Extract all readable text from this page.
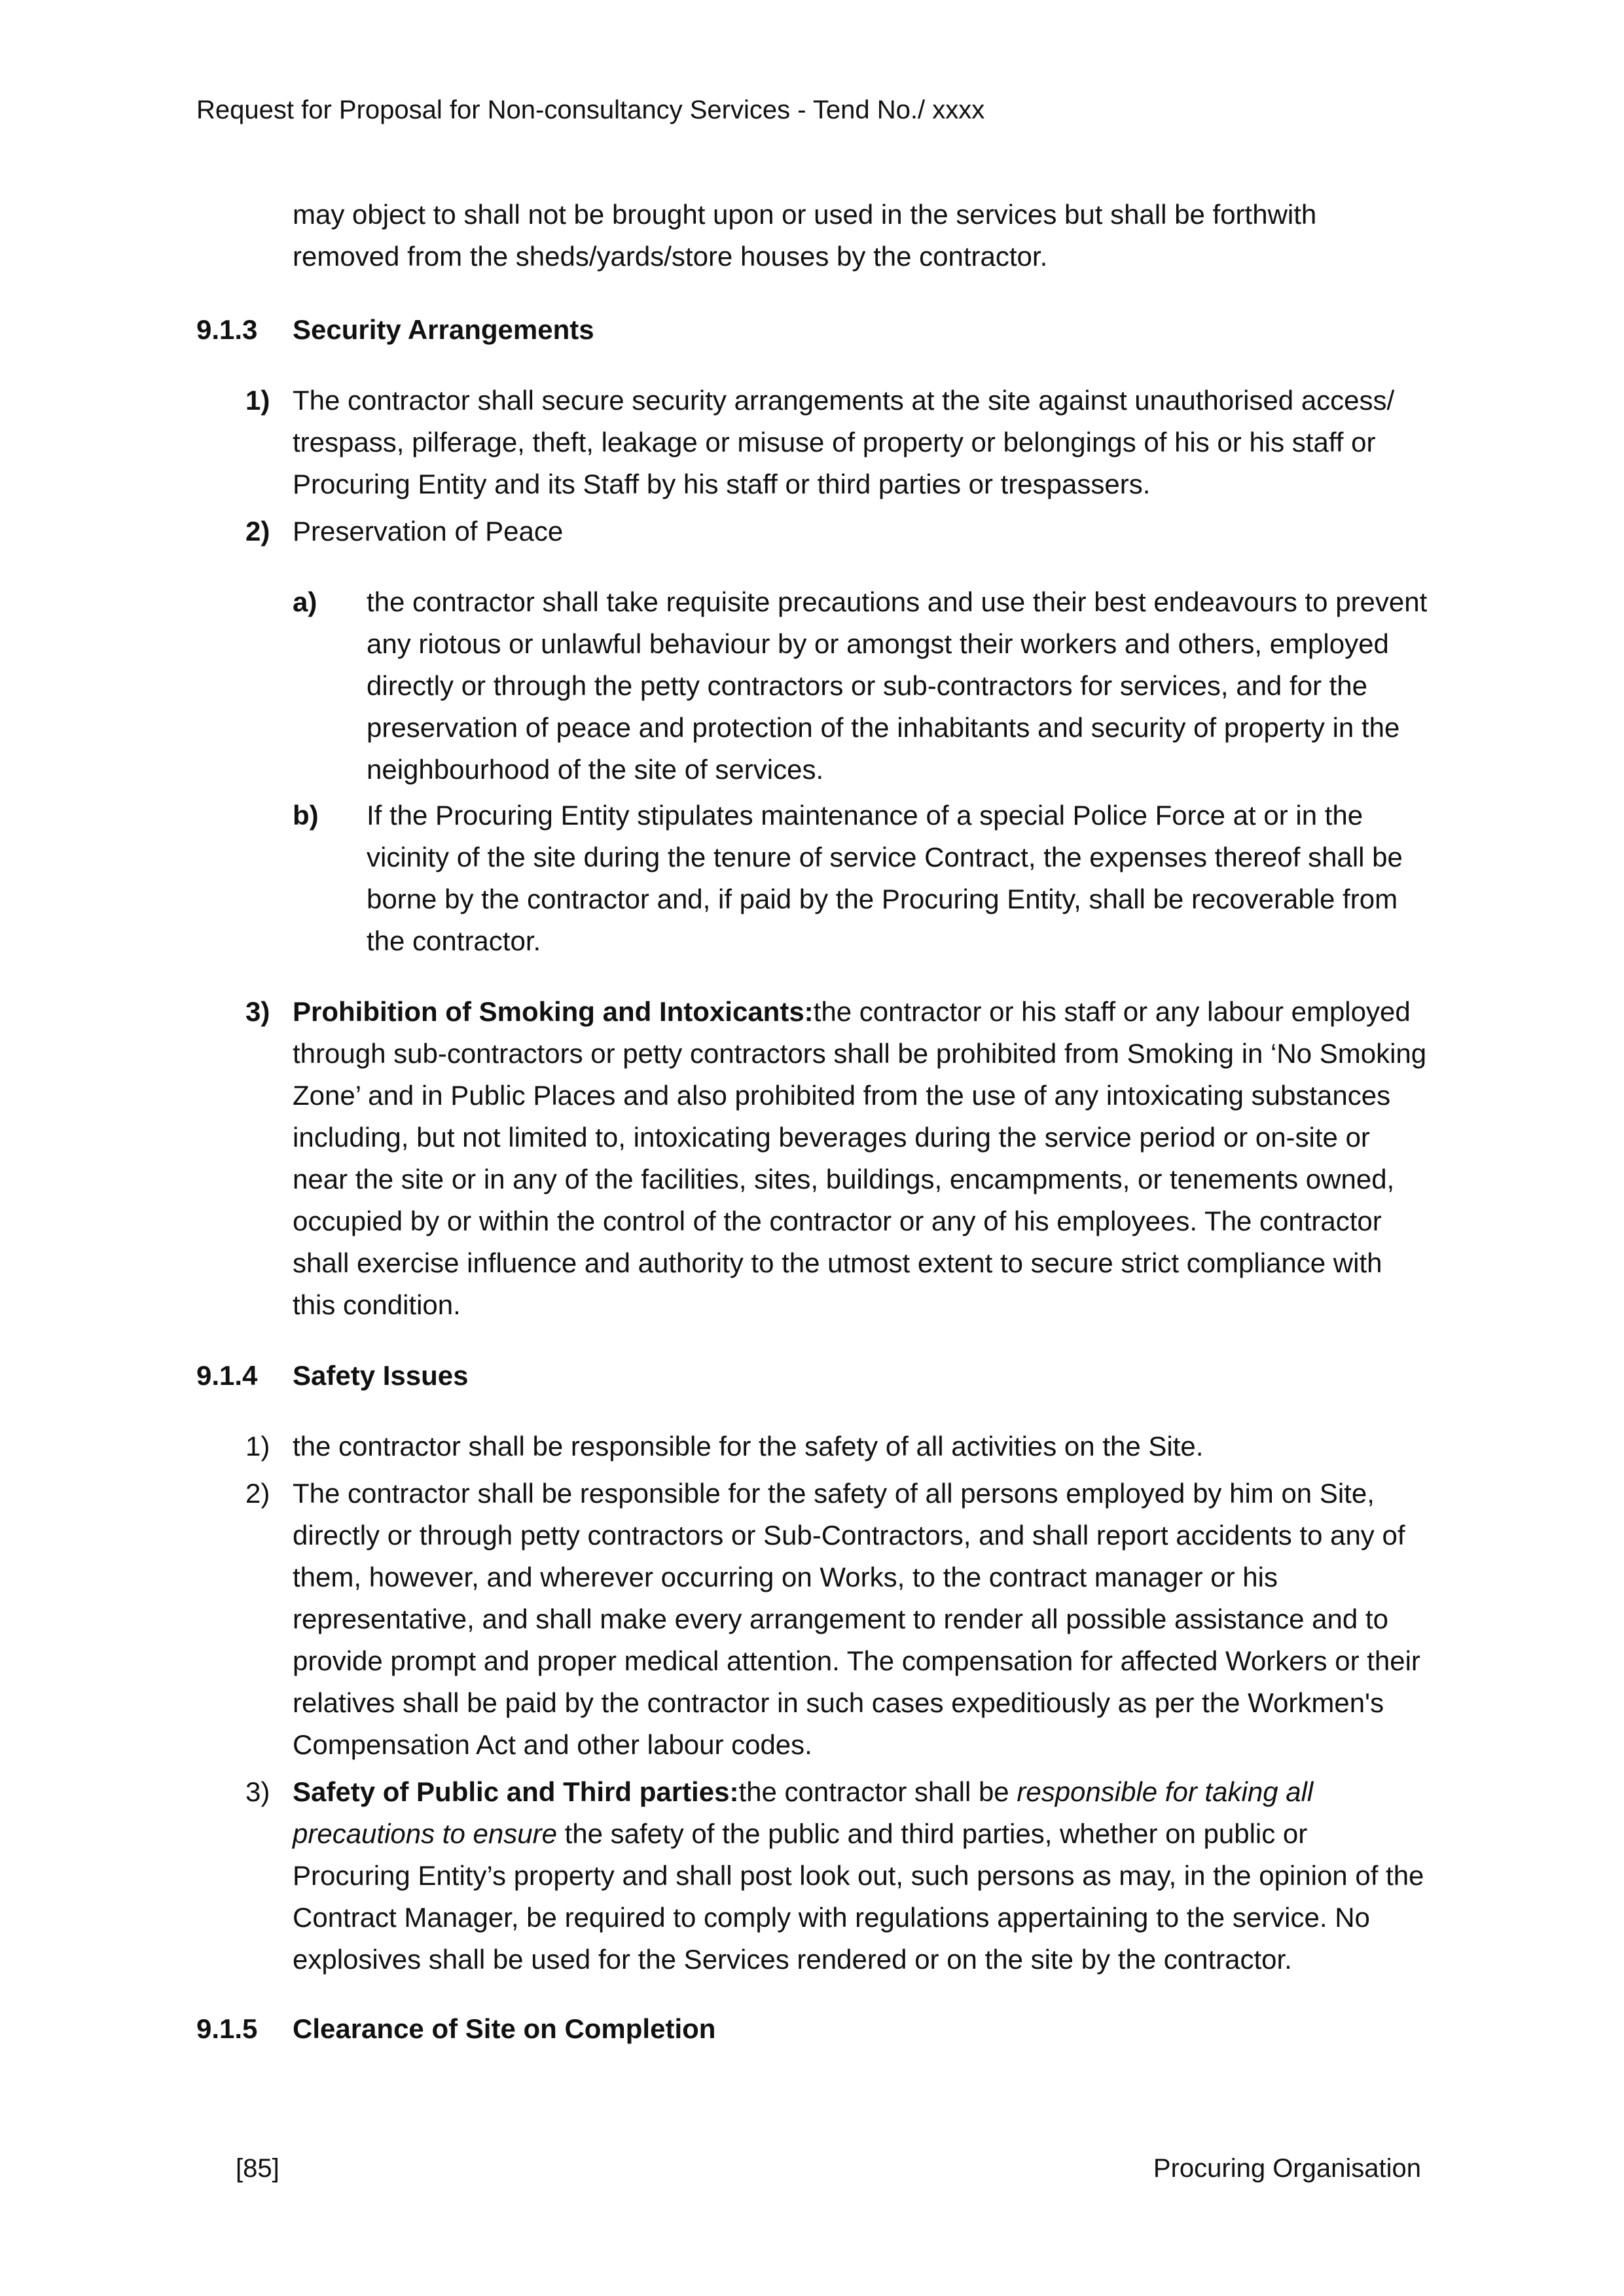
Request for Proposal for Non-consultancy Services - Tend No./ xxxx

may object to shall not be brought upon or used in the services but shall be forthwith removed from the sheds/yards/store houses by the contractor.

9.1.3	Security Arrangements
1) The contractor shall secure security arrangements at the site against unauthorised access/ trespass, pilferage, theft, leakage or misuse of property or belongings of his or his staff or Procuring Entity and its Staff by his staff or third parties or trespassers.
2) Preservation of Peace
a)	the contractor shall take requisite precautions and use their best endeavours to prevent any riotous or unlawful behaviour by or amongst their workers and others, employed directly or through the petty contractors or sub-contractors for services, and for the preservation of peace and protection of the inhabitants and security of property in the neighbourhood of the site of services.
b)	If the Procuring Entity stipulates maintenance of a special Police Force at or in the vicinity of the site during the tenure of service Contract, the expenses thereof shall be borne by the contractor and, if paid by the Procuring Entity, shall be recoverable from the contractor.
3) Prohibition of Smoking and Intoxicants:the contractor or his staff or any labour employed through sub-contractors or petty contractors shall be prohibited from Smoking in ‘No Smoking Zone’ and in Public Places and also prohibited from the use of any intoxicating substances including, but not limited to, intoxicating beverages during the service period or on-site or near the site or in any of the facilities, sites, buildings, encampments, or tenements owned, occupied by or within the control of the contractor or any of his employees. The contractor shall exercise influence and authority to the utmost extent to secure strict compliance with this condition.
9.1.4	Safety Issues
1) the contractor shall be responsible for the safety of all activities on the Site.
2) The contractor shall be responsible for the safety of all persons employed by him on Site, directly or through petty contractors or Sub-Contractors, and shall report accidents to any of them, however, and wherever occurring on Works, to the contract manager or his representative, and shall make every arrangement to render all possible assistance and to provide prompt and proper medical attention. The compensation for affected Workers or their relatives shall be paid by the contractor in such cases expeditiously as per the Workmen's Compensation Act and other labour codes.
3) Safety of Public and Third parties:the contractor shall be responsible for taking all precautions to ensure the safety of the public and third parties, whether on public or Procuring Entity’s property and shall post look out, such persons as may, in the opinion of the Contract Manager, be required to comply with regulations appertaining to the service. No explosives shall be used for the Services rendered or on the site by the contractor.
9.1.5	Clearance of Site on Completion
[85]	Procuring Organisation
